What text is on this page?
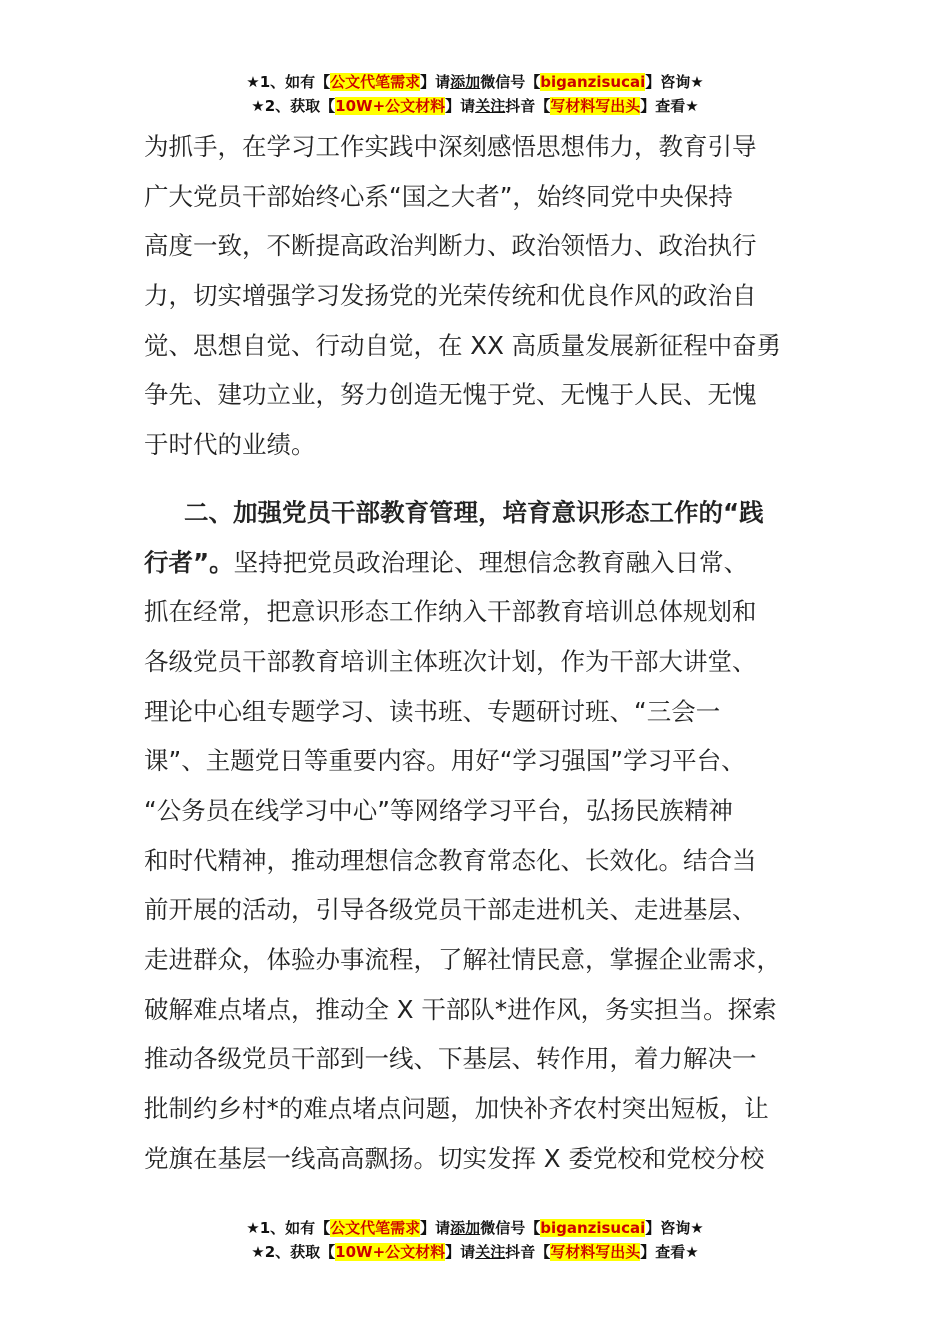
★1、如有【公文代笔需求】请添加微信号【biganzisucai】咨询★
★2、获取【10W+公文材料】请关注抖音【写材料写出头】查看★
为抓手，在学习工作实践中深刻感悟思想伟力，教育引导
广大党员干部始终心系“国之大者”，始终同党中央保持
高度一致，不断提高政治判断力、政治领悟力、政治执行
力，切实增强学习发扬党的光荣传统和优良作风的政治自
觉、思想自觉、行动自觉，在 XX 高质量发展新征程中奋勇
争先、建功立业，努力创造无愧于党、无愧于人民、无愧
于时代的业绩。
二、加强党员干部教育管理，培育意识形态工作的“践
行者”。坚持把党员政治理论、理想信念教育融入日常、
抓在经常，把意识形态工作纳入干部教育培训总体规划和
各级党员干部教育培训主体班次计划，作为干部大讲堂、
理论中心组专题学习、读书班、专题研讨班、“三会一
课”、主题党日等重要内容。用好“学习强国”学习平台、
“公务员在线学习中心”等网络学习平台，弘扬民族精神
和时代精神，推动理想信念教育常态化、长效化。结合当
前开展的活动，引导各级党员干部走进机关、走进基层、
走进群众，体验办事流程，了解社情民意，掌握企业需求，
破解难点堵点，推动全 X 干部队*进作风，务实担当。探索
推动各级党员干部到一线、下基层、转作用，着力解决一
批制约乡村*的难点堵点问题，加快补齐农村突出短板，让
党旗在基层一线高高飘扬。切实发挥 X 委党校和党校分校
★1、如有【公文代笔需求】请添加微信号【biganzisucai】咨询★
★2、获取【10W+公文材料】请关注抖音【写材料写出头】查看★
